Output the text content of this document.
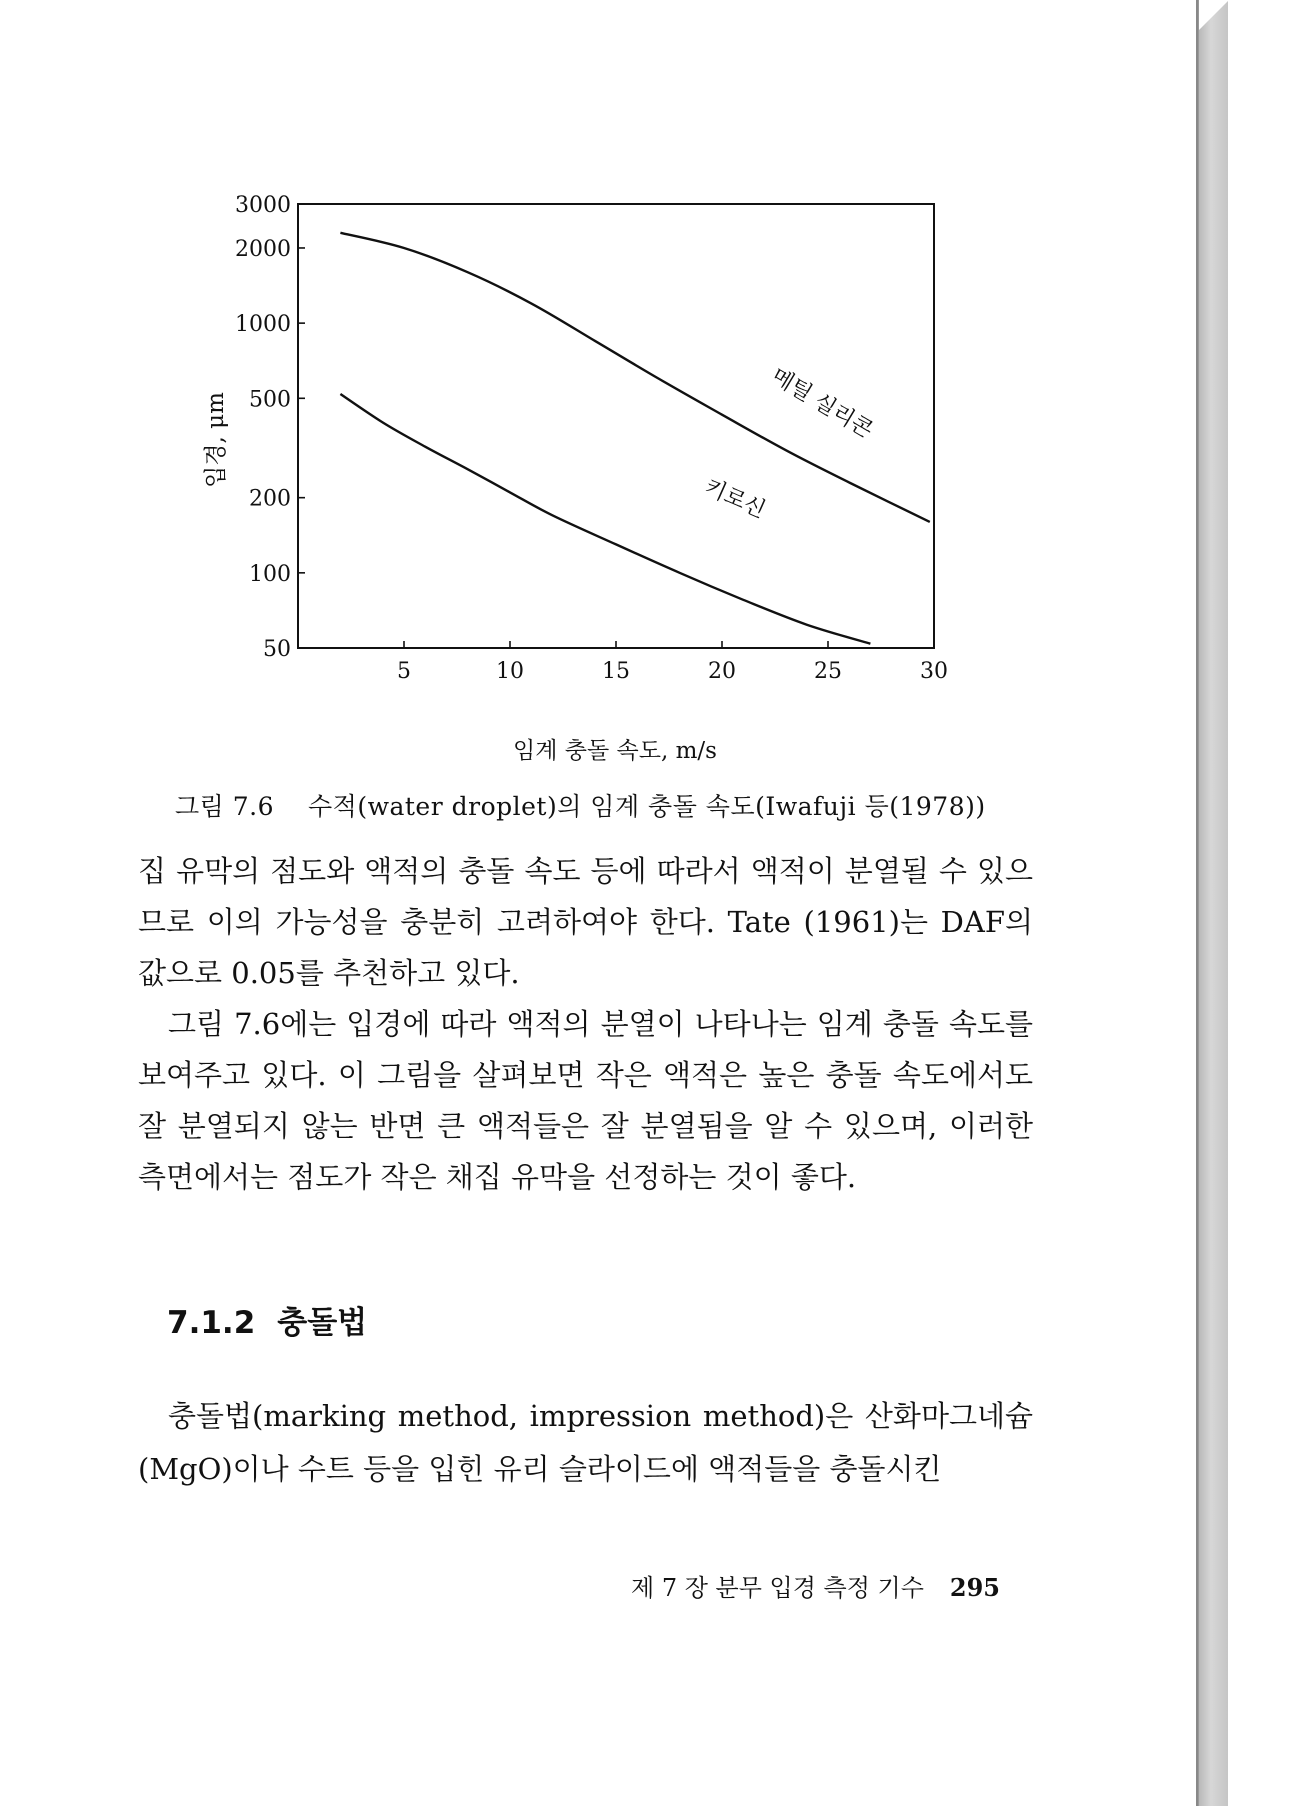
50
100
200
500
1000
2000
3000
5	10	15	20	25	30
메틸 실리콘
키로신
입경, μm
임계 충돌 속도, m/s
그림 7.6 수적(water droplet)의 임계 충돌 속도(Iwafuji 등(1978))

집 유막의 점도와 액적의 충돌 속도 등에 따라서 액적이 분열될 수 있으므로 이의 가능성을 충분히 고려하여야 한다. Tate (1961)는 DAF의 값으로 0.05를 추천하고 있다.

그림 7.6에는 입경에 따라 액적의 분열이 나타나는 임계 충돌 속도를 보여주고 있다. 이 그림을 살펴보면 작은 액적은 높은 충돌 속도에서도 잘 분열되지 않는 반면 큰 액적들은 잘 분열됨을 알 수 있으며, 이러한 측면에서는 점도가 작은 채집 유막을 선정하는 것이 좋다.

7.1.2 충돌법

충돌법(marking method, impression method)은 산화마그네슘(MgO)이나 수트 등을 입힌 유리 슬라이드에 액적들을 충돌시킨

제 7 장 분무 입경 측정 기수 295
